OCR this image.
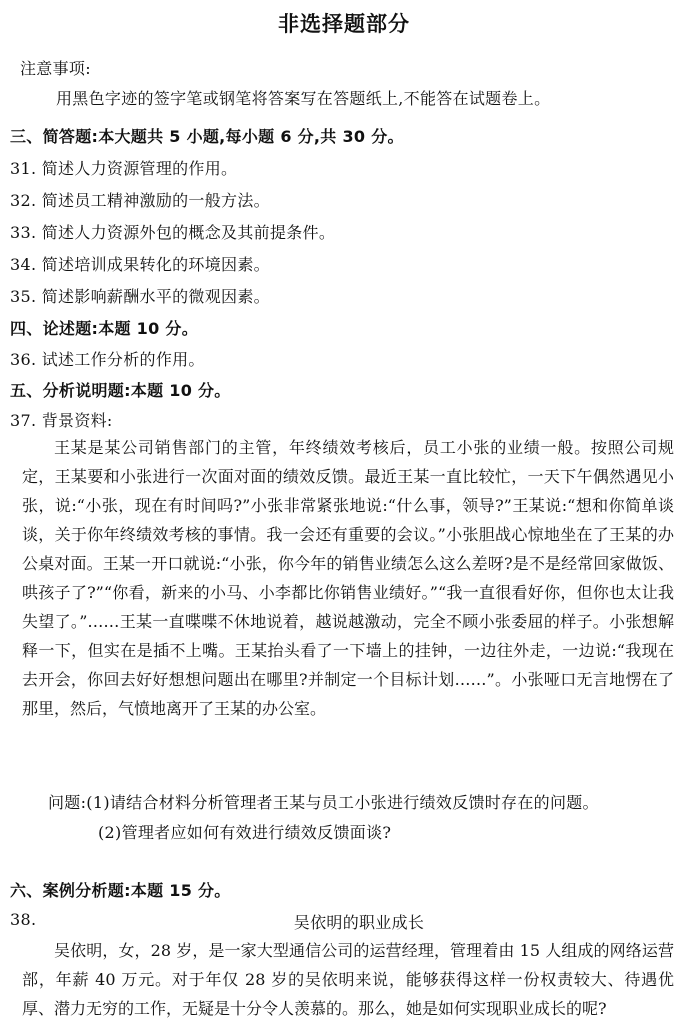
非选择题部分
注意事项:
用黑色字迹的签字笔或钢笔将答案写在答题纸上,不能答在试题卷上。
三、简答题:本大题共 5 小题,每小题 6 分,共 30 分。
31. 简述人力资源管理的作用。
32. 简述员工精神激励的一般方法。
33. 简述人力资源外包的概念及其前提条件。
34. 简述培训成果转化的环境因素。
35. 简述影响薪酬水平的微观因素。
四、论述题:本题 10 分。
36. 试述工作分析的作用。
五、分析说明题:本题 10 分。
37. 背景资料:
王某是某公司销售部门的主管，年终绩效考核后，员工小张的业绩一般。按照公司规定，王某要和小张进行一次面对面的绩效反馈。最近王某一直比较忙，一天下午偶然遇见小张，说:“小张，现在有时间吗?”小张非常紧张地说:“什么事，领导?”王某说:“想和你简单谈谈，关于你年终绩效考核的事情。我一会还有重要的会议。”小张胆战心惊地坐在了王某的办公桌对面。王某一开口就说:“小张，你今年的销售业绩怎么这么差呀?是不是经常回家做饭、哄孩子了?”“你看，新来的小马、小李都比你销售业绩好。”“我一直很看好你，但你也太让我失望了。”……王某一直喋喋不休地说着，越说越激动，完全不顾小张委屈的样子。小张想解释一下，但实在是插不上嘴。王某抬头看了一下墙上的挂钟，一边往外走，一边说:“我现在去开会，你回去好好想想问题出在哪里?并制定一个目标计划……”。小张哑口无言地愣在了那里，然后，气愤地离开了王某的办公室。
问题:(1)请结合材料分析管理者王某与员工小张进行绩效反馈时存在的问题。
(2)管理者应如何有效进行绩效反馈面谈?
六、案例分析题:本题 15 分。
38.	吴依明的职业成长
吴依明，女，28 岁，是一家大型通信公司的运营经理，管理着由 15 人组成的网络运营部，年薪 40 万元。对于年仅 28 岁的吴依明来说，能够获得这样一份权责较大、待遇优厚、潜力无穷的工作，无疑是十分令人羡慕的。那么，她是如何实现职业成长的呢?
